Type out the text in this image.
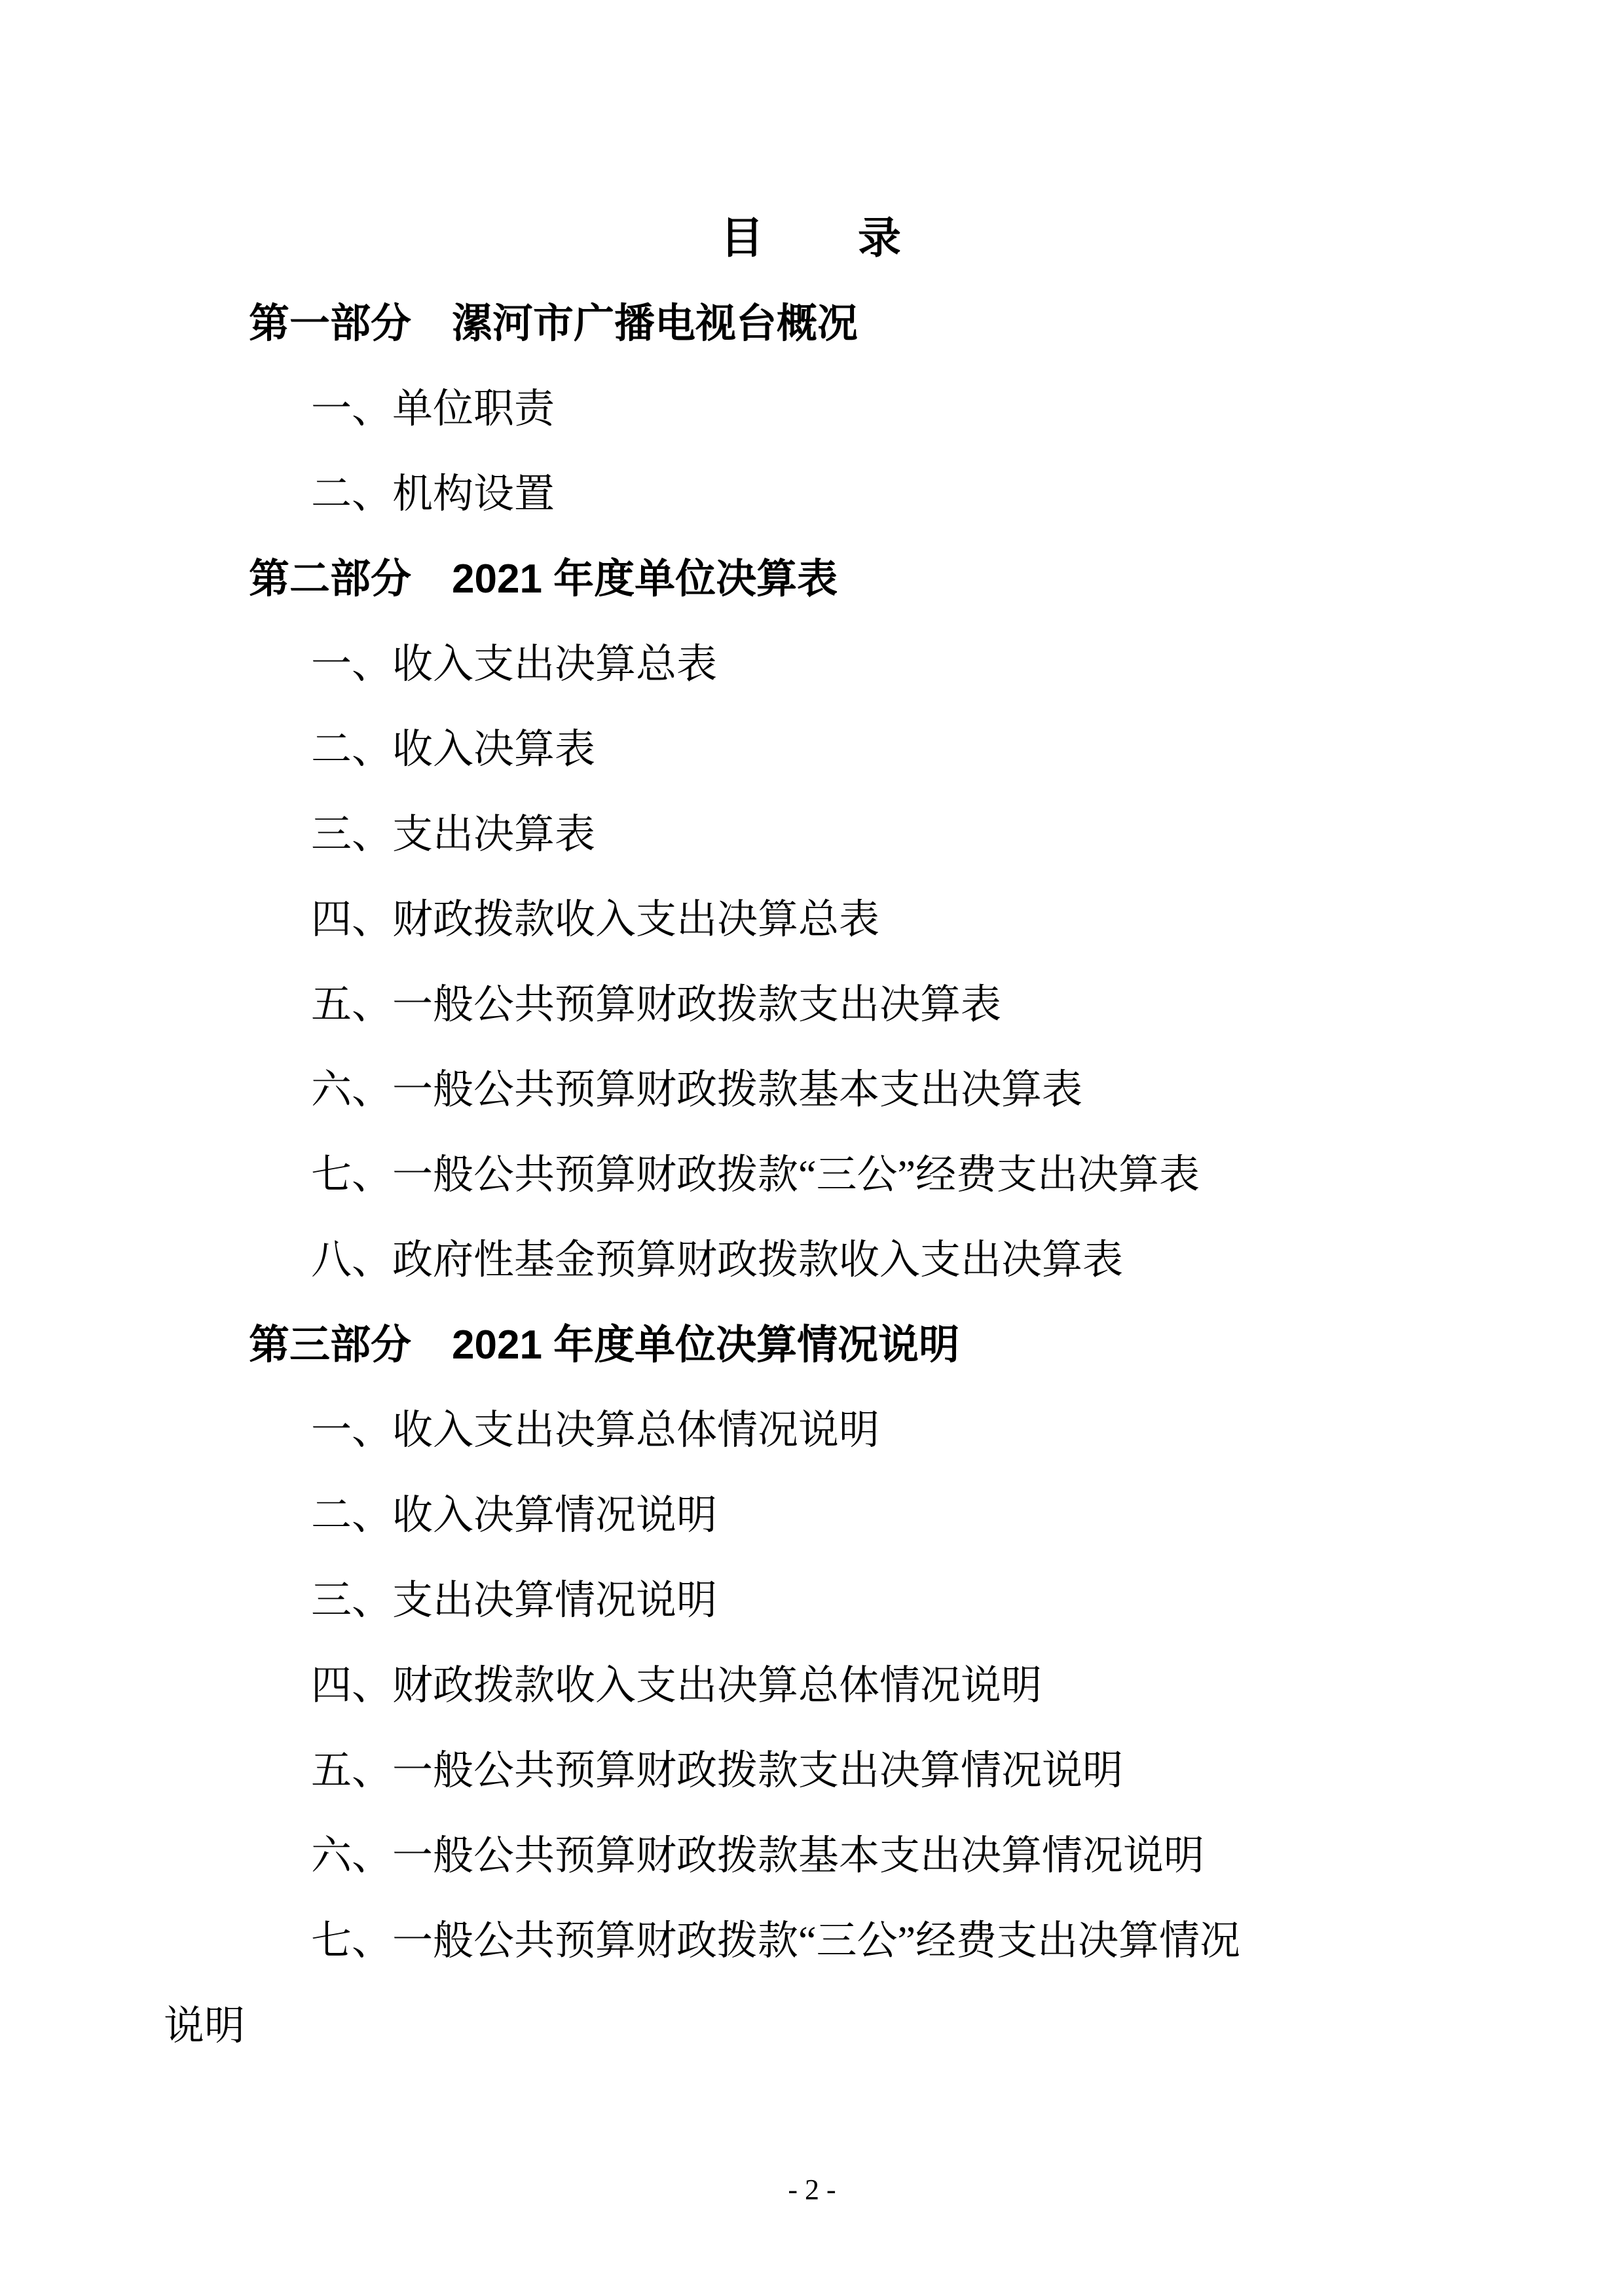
目　　录
第一部分　漯河市广播电视台概况
一、单位职责
二、机构设置
第二部分　2021 年度单位决算表
一、收入支出决算总表
二、收入决算表
三、支出决算表
四、财政拨款收入支出决算总表
五、一般公共预算财政拨款支出决算表
六、一般公共预算财政拨款基本支出决算表
七、一般公共预算财政拨款“三公”经费支出决算表
八、政府性基金预算财政拨款收入支出决算表
第三部分　2021 年度单位决算情况说明
一、收入支出决算总体情况说明
二、收入决算情况说明
三、支出决算情况说明
四、财政拨款收入支出决算总体情况说明
五、一般公共预算财政拨款支出决算情况说明
六、一般公共预算财政拨款基本支出决算情况说明
七、一般公共预算财政拨款“三公”经费支出决算情况
说明
- 2 -
